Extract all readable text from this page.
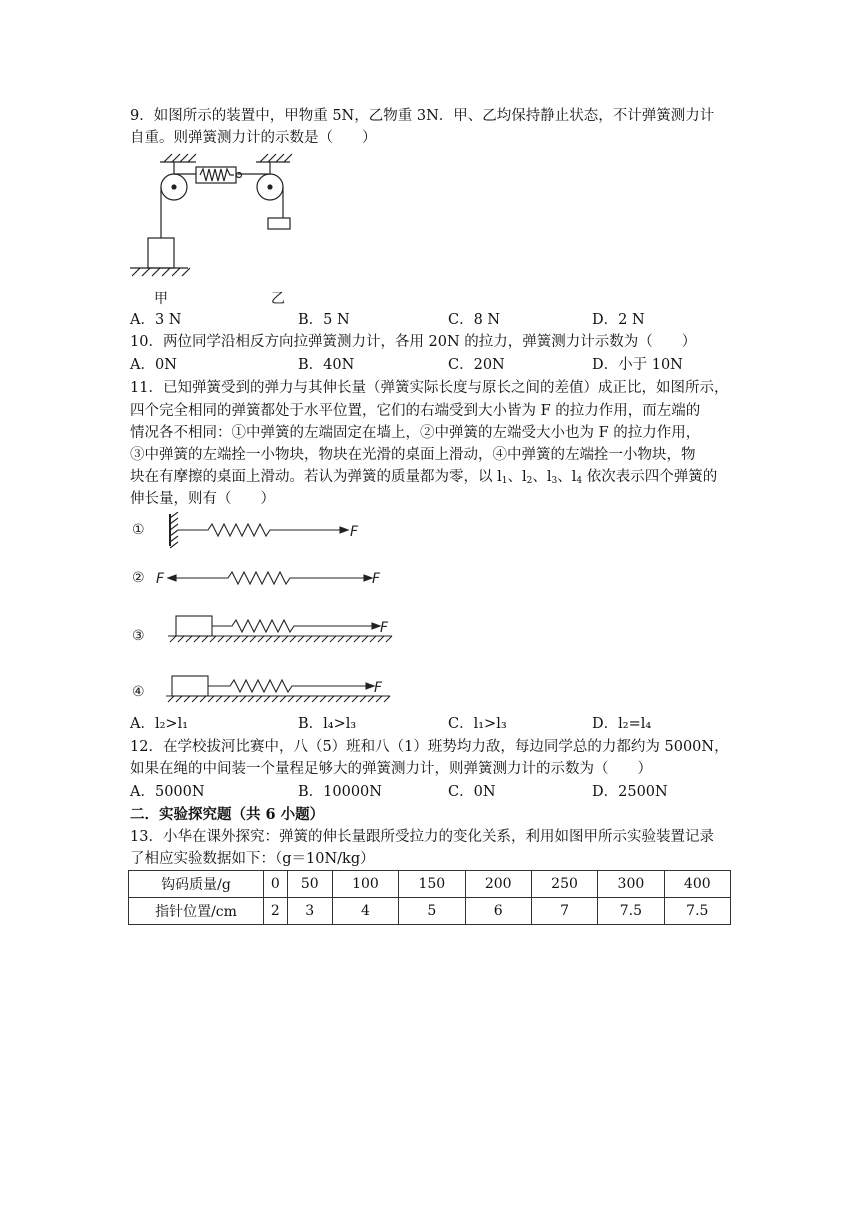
9．如图所示的装置中，甲物重 5N，乙物重 3N．甲、乙均保持静止状态，不计弹簧测力计
自重。则弹簧测力计的示数是（　　）
甲	乙
A．3 N	B．5 N	C．8 N	D．2 N
10．两位同学沿相反方向拉弹簧测力计，各用 20N 的拉力，弹簧测力计示数为（　　）
A．0N	B．40N	C．20N	D．小于 10N
11．已知弹簧受到的弹力与其伸长量（弹簧实际长度与原长之间的差值）成正比，如图所示，
四个完全相同的弹簧都处于水平位置，它们的右端受到大小皆为 F 的拉力作用，而左端的
情况各不相同：①中弹簧的左端固定在墙上，②中弹簧的左端受大小也为 F 的拉力作用，
③中弹簧的左端拴一小物块，物块在光滑的桌面上滑动，④中弹簧的左端拴一小物块，物
块在有摩擦的桌面上滑动。若认为弹簧的质量都为零，以 $l_1$、$l_2$、$l_3$、$l_4$ 依次表示四个弹簧的
伸长量，则有（　　）
①
②
③
④
F
F	F
F
F
A．l₂>l₁	B．l₄>l₃	C．l₁>l₃	D．l₂=l₄
12．在学校拔河比赛中，八（5）班和八（1）班势均力敌，每边同学总的力都约为 5000N，
如果在绳的中间装一个量程足够大的弹簧测力计，则弹簧测力计的示数为（　　）
A．5000N	B．10000N	C．0N	D．2500N
二．实验探究题（共 6 小题）
13．小华在课外探究：弹簧的伸长量跟所受拉力的变化关系，利用如图甲所示实验装置记录
了相应实验数据如下：（g＝10N/kg）
钩码质量/g	0	50	100	150	200	250	300	400
指针位置/cm	2	3	4	5	6	7	7.5	7.5
